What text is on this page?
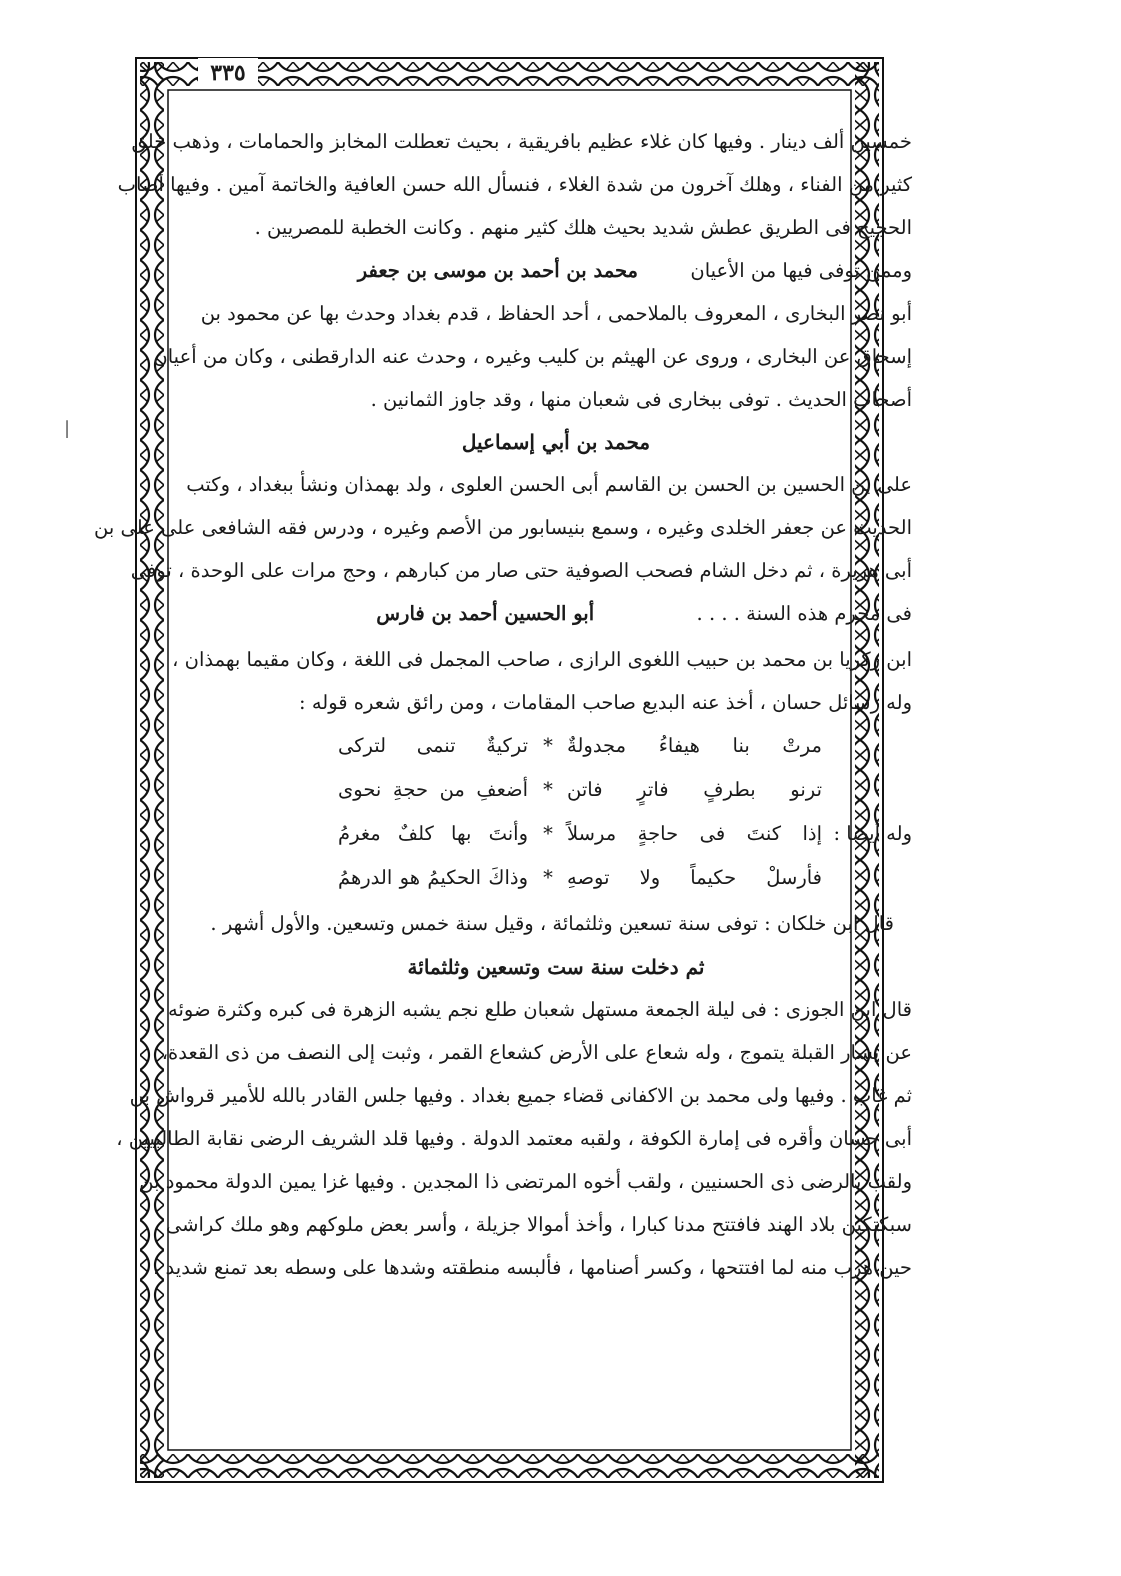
٣٣٥
|
خمسين ألف دينار . وفيها كان غلاء عظيم بافريقية ، بحيث تعطلت المخابز والحمامات ، وذهب خلق
كثير من الفناء ، وهلك آخرون من شدة الغلاء ، فنسأل الله حسن العافية والخاتمة آمين . وفيها أصاب
الحجيج فى الطريق عطش شديد بحيث هلك كثير منهم . وكانت الخطبة للمصريين .
وممن توفى فيها من الأعيان  محمد بن أحمد بن موسى بن جعفر
أبو نصر البخارى ، المعروف بالملاحمى ، أحد الحفاظ ، قدم بغداد وحدث بها عن محمود بن
إسحاق عن البخارى ، وروى عن الهيثم بن كليب وغيره ، وحدث عنه الدارقطنى ، وكان من أعيان
أصحاب الحديث . توفى ببخارى فى شعبان منها ، وقد جاوز الثمانين .
محمد بن أبي إسماعيل
على بن الحسين بن الحسن بن القاسم أبى الحسن العلوى ، ولد بهمذان ونشأ ببغداد ، وكتب
الحديث عن جعفر الخلدى وغيره ، وسمع بنيسابور من الأصم وغيره ، ودرس فقه الشافعى على على بن
أبى هريرة ، ثم دخل الشام فصحب الصوفية حتى صار من كبارهم ، وحج مرات على الوحدة ، توفى
فى محرم هذه السنة . . . .  أبو الحسين أحمد بن فارس
ابن زكريا بن محمد بن حبيب اللغوى الرازى ، صاحب المجمل فى اللغة ، وكان مقيما بهمذان ،
وله رسائل حسان ، أخذ عنه البديع صاحب المقامات ، ومن رائق شعره قوله :
مرتْ بنا هيفاءُ مجدولةٌ
*
تركيةٌ تنمى لتركى
ترنو بطرفٍ فاترٍ فاتن
*
أضعفِ من حجةِ نحوى
وله أيضا :
إذا كنتَ فى حاجةٍ مرسلاً
*
وأنتَ بها كلفٌ مغرمُ
فأرسلْ حكيماً ولا توصهِ
*
وذاكَ الحكيمُ هو الدرهمُ
قال ابن خلكان : توفى سنة تسعين وثلثمائة ، وقيل سنة خمس وتسعين. والأول أشهر .
ثم دخلت سنة ست وتسعين وثلثمائة
قال ابن الجوزى : فى ليلة الجمعة مستهل شعبان طلع نجم يشبه الزهرة فى كبره وكثرة ضوئه
عن يسار القبلة يتموج ، وله شعاع على الأرض كشعاع القمر ، وثبت إلى النصف من ذى القعدة،
ثم غاب . وفيها ولى محمد بن الاكفانى قضاء جميع بغداد . وفيها جلس القادر بالله للأمير قرواش بن
أبى حسان وأقره فى إمارة الكوفة ، ولقبه معتمد الدولة . وفيها قلد الشريف الرضى نقابة الطالبيين ،
ولقب بالرضى ذى الحسنيين ، ولقب أخوه المرتضى ذا المجدين . وفيها غزا يمين الدولة محمود بن
سبكتكين بلاد الهند فافتتح مدنا كبارا ، وأخذ أموالا جزيلة ، وأسر بعض ملوكهم وهو ملك كراشى
حين هرب منه لما افتتحها ، وكسر أصنامها ، فألبسه منطقته وشدها على وسطه بعد تمنع شديد ،
